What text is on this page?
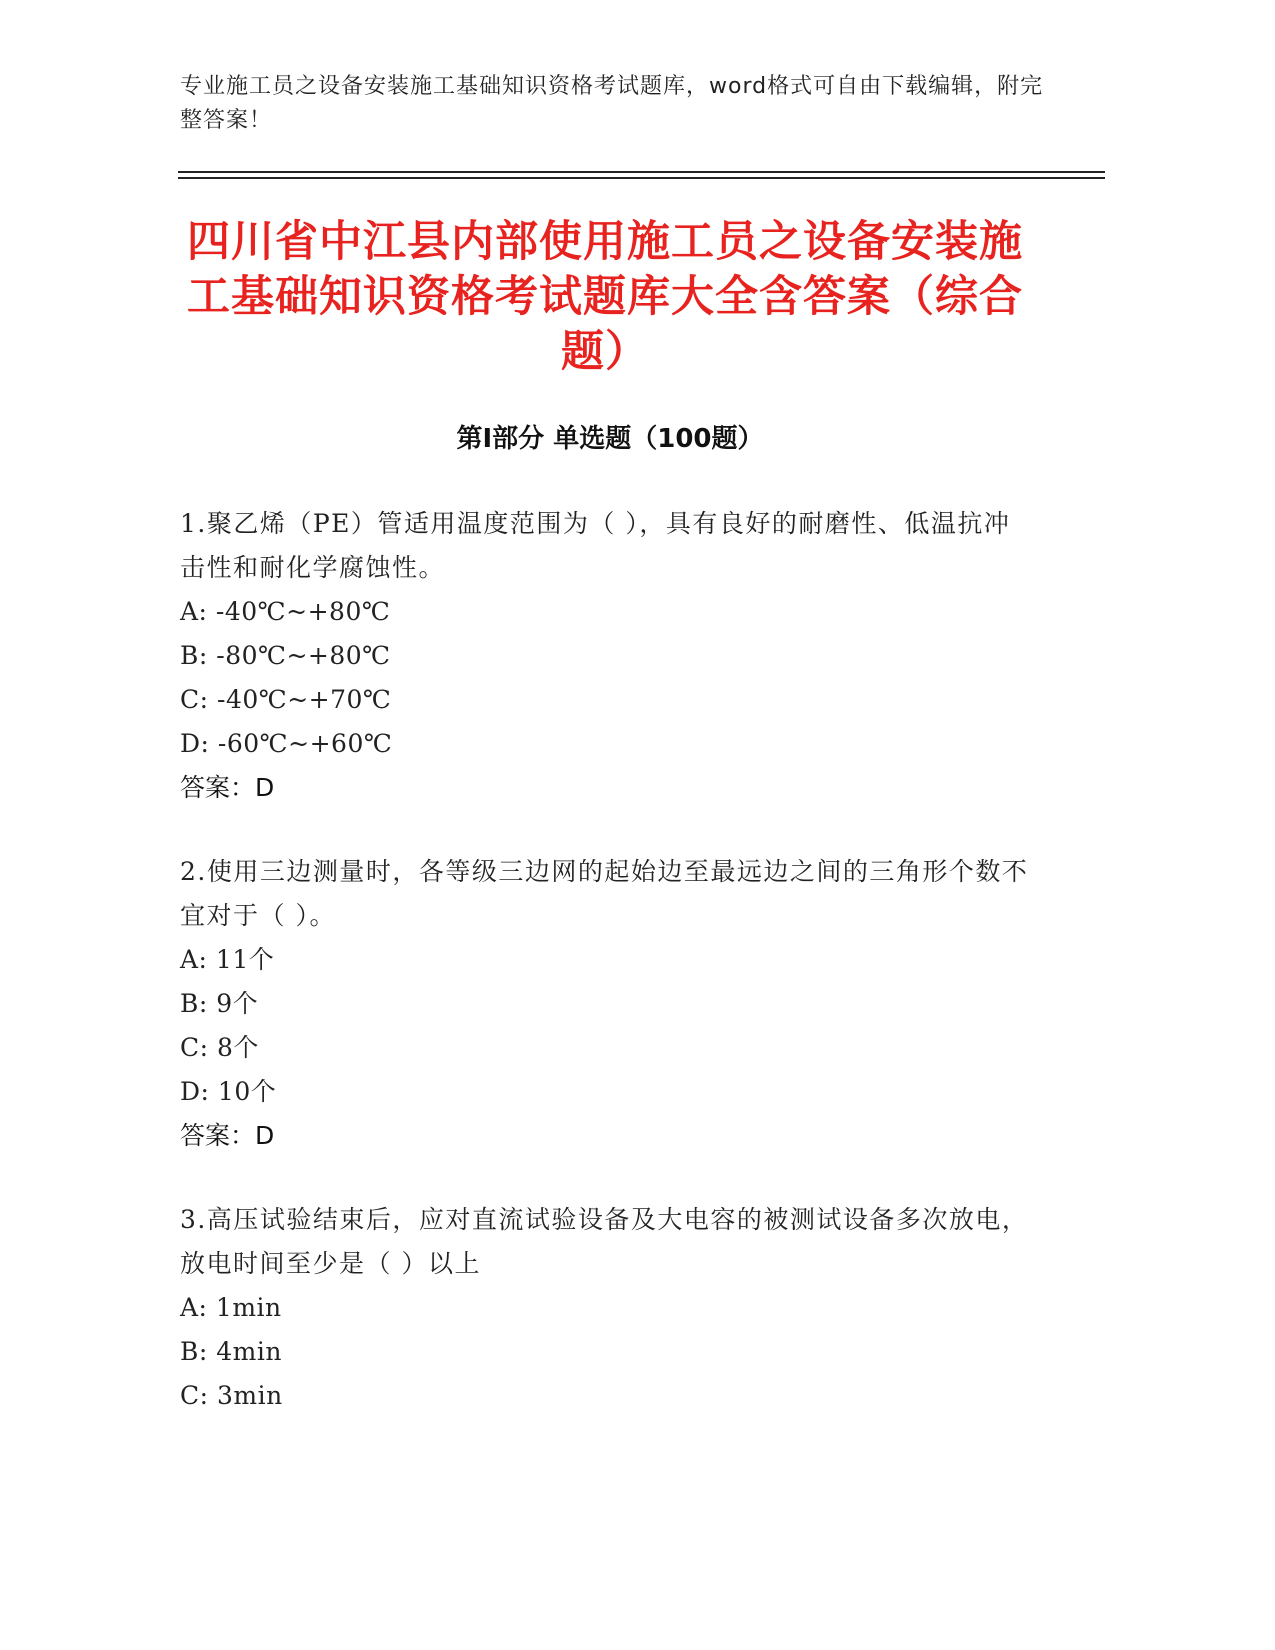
专业施工员之设备安装施工基础知识资格考试题库，word格式可自由下载编辑，附完整答案！
四川省中江县内部使用施工员之设备安装施工基础知识资格考试题库大全含答案（综合题）
第Ⅰ部分 单选题（100题）
1.聚乙烯（PE）管适用温度范围为（ ），具有良好的耐磨性、低温抗冲击性和耐化学腐蚀性。
A: -40℃~+80℃
B: -80℃~+80℃
C: -40℃~+70℃
D: -60℃~+60℃
答案：D
2.使用三边测量时，各等级三边网的起始边至最远边之间的三角形个数不宜对于（ ）。
A: 11个
B: 9个
C: 8个
D: 10个
答案：D
3.高压试验结束后，应对直流试验设备及大电容的被测试设备多次放电，放电时间至少是（ ）以上
A: 1min
B: 4min
C: 3min
